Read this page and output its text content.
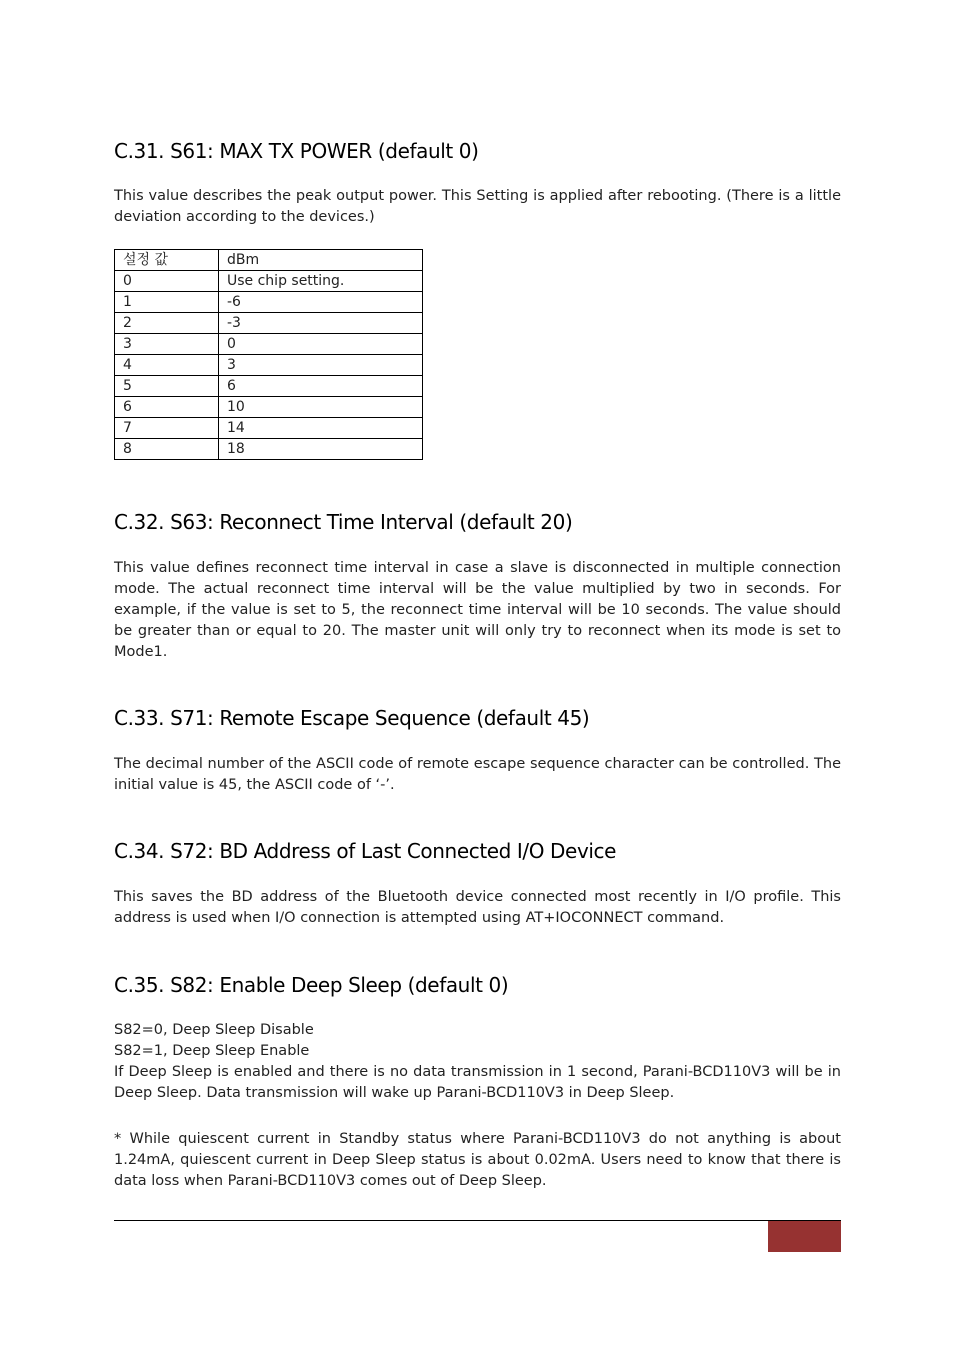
C.31. S61: MAX TX POWER (default 0)

This value describes the peak output power. This Setting is applied after rebooting. (There is a little deviation according to the devices.)

설정 값	dBm
0	Use chip setting.
1	-6
2	-3
3	0
4	3
5	6
6	10
7	14
8	18
C.32. S63: Reconnect Time Interval (default 20)

This value defines reconnect time interval in case a slave is disconnected in multiple connection mode. The actual reconnect time interval will be the value multiplied by two in seconds. For example, if the value is set to 5, the reconnect time interval will be 10 seconds. The value should be greater than or equal to 20. The master unit will only try to reconnect when its mode is set to Mode1.

C.33. S71: Remote Escape Sequence (default 45)

The decimal number of the ASCII code of remote escape sequence character can be controlled. The initial value is 45, the ASCII code of ‘-’.

C.34. S72: BD Address of Last Connected I/O Device

This saves the BD address of the Bluetooth device connected most recently in I/O profile. This address is used when I/O connection is attempted using AT+IOCONNECT command.

C.35. S82: Enable Deep Sleep (default 0)

S82=0, Deep Sleep Disable

S82=1, Deep Sleep Enable

If Deep Sleep is enabled and there is no data transmission in 1 second, Parani-BCD110V3 will be in Deep Sleep. Data transmission will wake up Parani-BCD110V3 in Deep Sleep.

* While quiescent current in Standby status where Parani-BCD110V3 do not anything is about 1.24mA, quiescent current in Deep Sleep status is about 0.02mA. Users need to know that there is data loss when Parani-BCD110V3 comes out of Deep Sleep.
